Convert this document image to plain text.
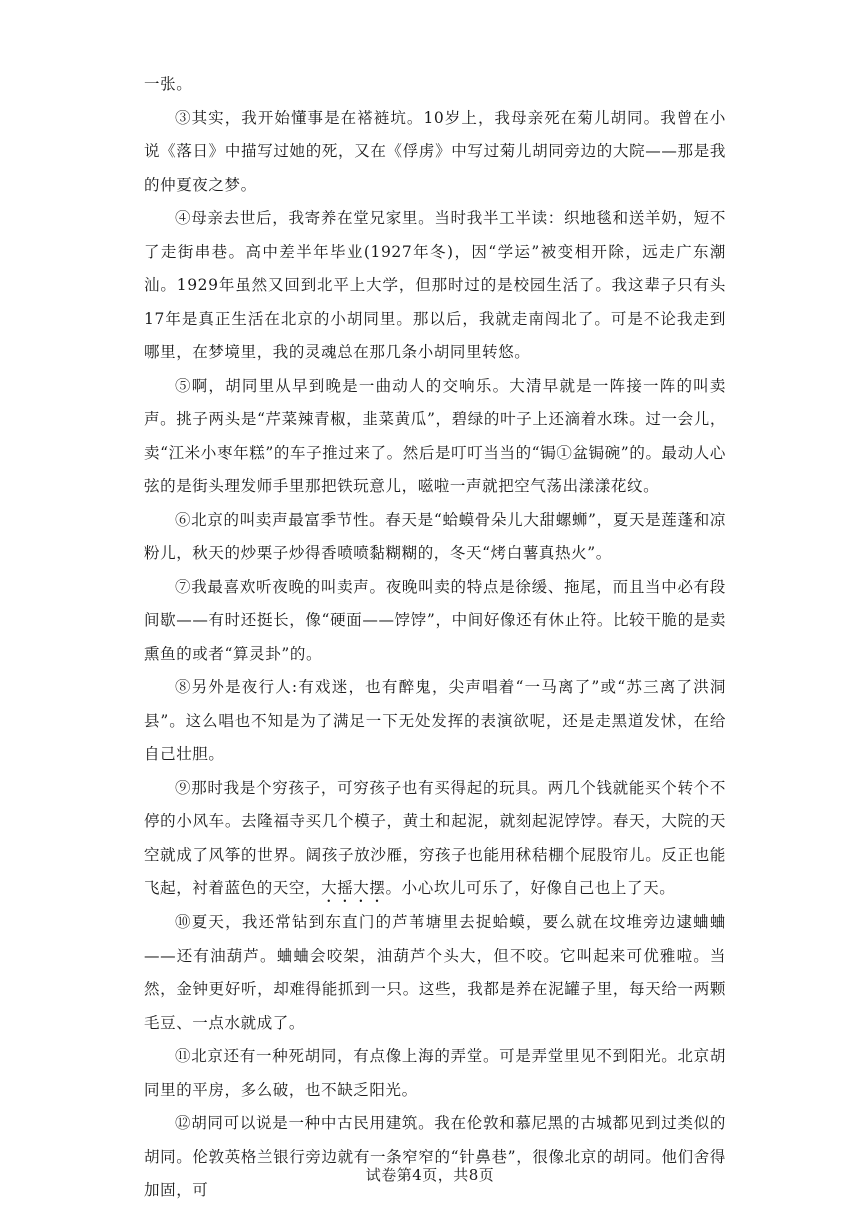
一张。

③其实，我开始懂事是在褡裢坑。10岁上，我母亲死在菊儿胡同。我曾在小说《落日》中描写过她的死，又在《俘虏》中写过菊儿胡同旁边的大院——那是我的仲夏夜之梦。

④母亲去世后，我寄养在堂兄家里。当时我半工半读：织地毯和送羊奶，短不了走街串巷。高中差半年毕业(1927年冬)，因“学运”被变相开除，远走广东潮汕。1929年虽然又回到北平上大学，但那时过的是校园生活了。我这辈子只有头17年是真正生活在北京的小胡同里。那以后，我就走南闯北了。可是不论我走到哪里，在梦境里，我的灵魂总在那几条小胡同里转悠。

⑤啊，胡同里从早到晚是一曲动人的交响乐。大清早就是一阵接一阵的叫卖声。挑子两头是“芹菜辣青椒，韭菜黄瓜”，碧绿的叶子上还滴着水珠。过一会儿，卖“江米小枣年糕”的车子推过来了。然后是叮叮当当的“锔①盆锔碗”的。最动人心弦的是街头理发师手里那把铁玩意儿，嗞啦一声就把空气荡出漾漾花纹。

⑥北京的叫卖声最富季节性。春天是“蛤蟆骨朵儿大甜螺蛳”，夏天是莲蓬和凉粉儿，秋天的炒栗子炒得香喷喷黏糊糊的，冬天“烤白薯真热火”。

⑦我最喜欢听夜晚的叫卖声。夜晚叫卖的特点是徐缓、拖尾，而且当中必有段间歇——有时还挺长，像“硬面——饽饽”，中间好像还有休止符。比较干脆的是卖熏鱼的或者“算灵卦”的。

⑧另外是夜行人:有戏迷，也有醉鬼，尖声唱着“一马离了”或“苏三离了洪洞县”。这么唱也不知是为了满足一下无处发挥的表演欲呢，还是走黑道发怵，在给自己壮胆。

⑨那时我是个穷孩子，可穷孩子也有买得起的玩具。两几个钱就能买个转个不停的小风车。去隆福寺买几个模子，黄土和起泥，就刻起泥饽饽。春天，大院的天空就成了风筝的世界。阔孩子放沙雁，穷孩子也能用秫秸棚个屁股帘儿。反正也能飞起，衬着蓝色的天空，大摇大摆。小心坎儿可乐了，好像自己也上了天。

⑩夏天，我还常钻到东直门的芦苇塘里去捉蛤蟆，要么就在坟堆旁边逮蛐蛐——还有油葫芦。蛐蛐会咬架，油葫芦个头大，但不咬。它叫起来可优雅啦。当然，金钟更好听，却难得能抓到一只。这些，我都是养在泥罐子里，每天给一两颗毛豆、一点水就成了。

⑪北京还有一种死胡同，有点像上海的弄堂。可是弄堂里见不到阳光。北京胡同里的平房，多么破，也不缺乏阳光。

⑫胡同可以说是一种中古民用建筑。我在伦敦和慕尼黑的古城都见到过类似的胡同。伦敦英格兰银行旁边就有一条窄窄的“针鼻巷”，很像北京的胡同。他们舍得加固，可

试卷第4页，共8页
